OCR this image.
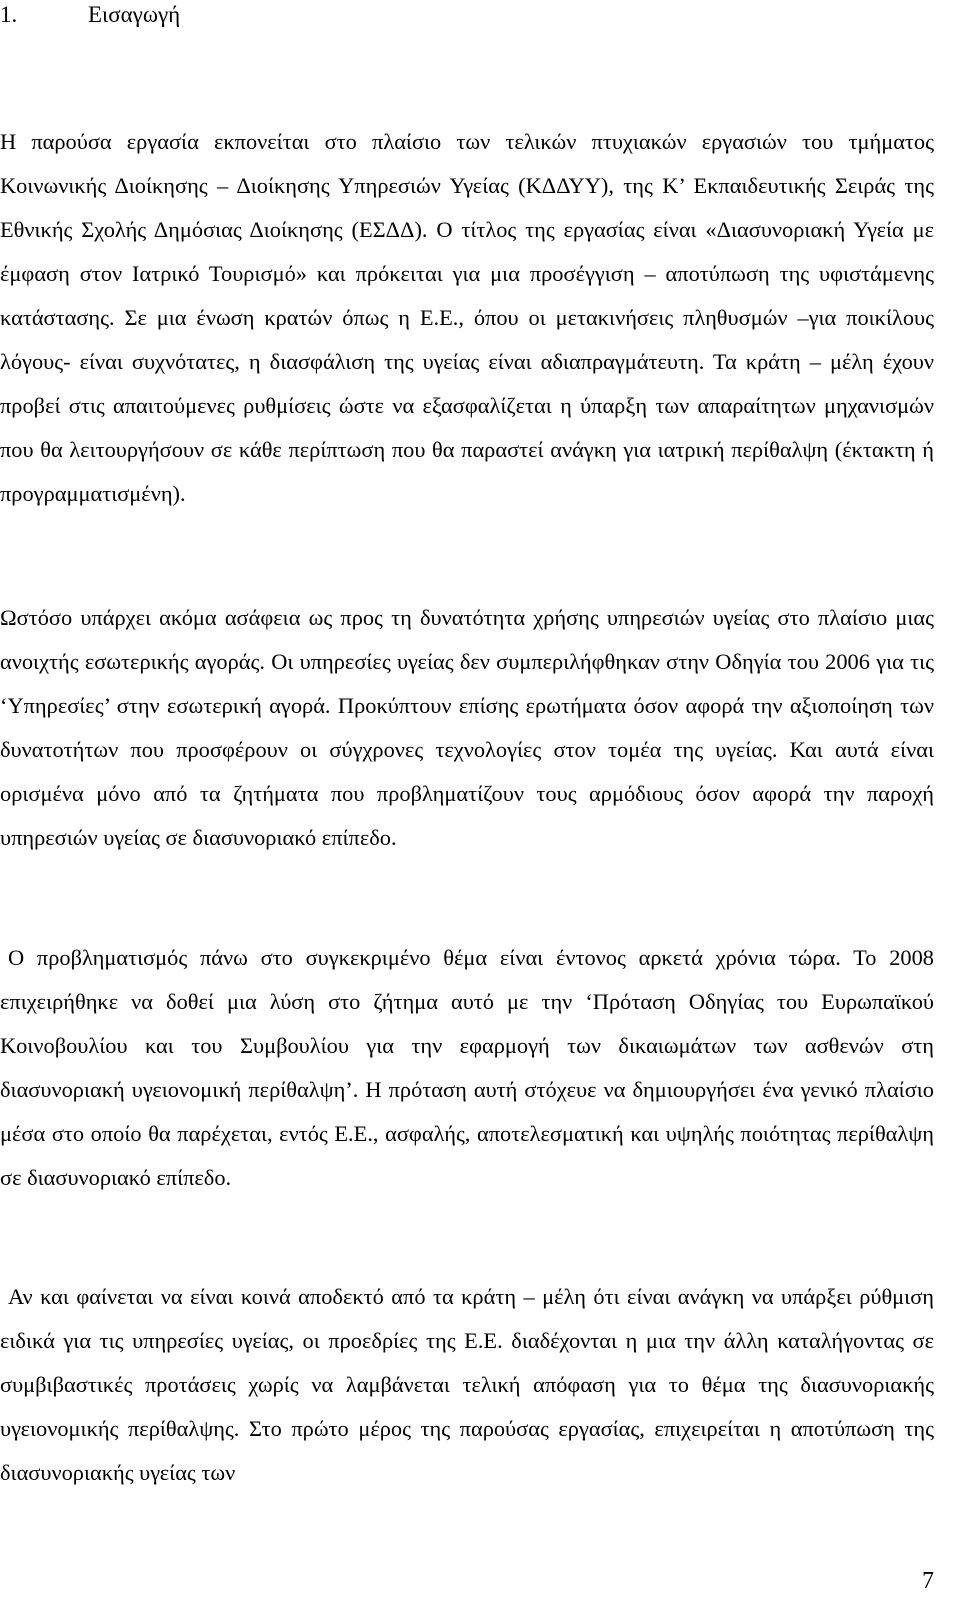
1.	Εισαγωγή

Η παρούσα εργασία εκπονείται στο πλαίσιο των τελικών πτυχιακών εργασιών του τμήματος Κοινωνικής Διοίκησης – Διοίκησης Υπηρεσιών Υγείας (ΚΔΔΥΥ), της Κ’ Εκπαιδευτικής Σειράς της Εθνικής Σχολής Δημόσιας Διοίκησης (ΕΣΔΔ). Ο τίτλος της εργασίας είναι «Διασυνοριακή Υγεία με έμφαση στον Ιατρικό Τουρισμό» και πρόκειται για μια προσέγγιση – αποτύπωση της υφιστάμενης κατάστασης. Σε μια ένωση κρατών όπως η Ε.Ε., όπου οι μετακινήσεις πληθυσμών –για ποικίλους λόγους- είναι συχνότατες, η διασφάλιση της υγείας είναι αδιαπραγμάτευτη. Τα κράτη – μέλη έχουν προβεί στις απαιτούμενες ρυθμίσεις ώστε να εξασφαλίζεται η ύπαρξη των απαραίτητων μηχανισμών που θα λειτουργήσουν σε κάθε περίπτωση που θα παραστεί ανάγκη για ιατρική περίθαλψη (έκτακτη ή προγραμματισμένη).

Ωστόσο υπάρχει ακόμα ασάφεια ως προς τη δυνατότητα χρήσης υπηρεσιών υγείας στο πλαίσιο μιας ανοιχτής εσωτερικής αγοράς. Οι υπηρεσίες υγείας δεν συμπεριλήφθηκαν στην Οδηγία του 2006 για τις ‘Υπηρεσίες’ στην εσωτερική αγορά. Προκύπτουν επίσης ερωτήματα όσον αφορά την αξιοποίηση των δυνατοτήτων που προσφέρουν οι σύγχρονες τεχνολογίες στον τομέα της υγείας. Και αυτά είναι ορισμένα μόνο από τα ζητήματα που προβληματίζουν τους αρμόδιους όσον αφορά την παροχή υπηρεσιών υγείας σε διασυνοριακό επίπεδο.

Ο προβληματισμός πάνω στο συγκεκριμένο θέμα είναι έντονος αρκετά χρόνια τώρα. Το 2008 επιχειρήθηκε να δοθεί μια λύση στο ζήτημα αυτό με την ‘Πρόταση Οδηγίας του Ευρωπαϊκού Κοινοβουλίου και του Συμβουλίου για την εφαρμογή των δικαιωμάτων των ασθενών στη διασυνοριακή υγειονομική περίθαλψη’. Η πρόταση αυτή στόχευε να δημιουργήσει ένα γενικό πλαίσιο μέσα στο οποίο θα παρέχεται, εντός Ε.Ε., ασφαλής, αποτελεσματική και υψηλής ποιότητας περίθαλψη σε διασυνοριακό επίπεδο.

Αν και φαίνεται να είναι κοινά αποδεκτό από τα κράτη – μέλη ότι είναι ανάγκη να υπάρξει ρύθμιση ειδικά για τις υπηρεσίες υγείας, οι προεδρίες της Ε.Ε. διαδέχονται η μια την άλλη καταλήγοντας σε συμβιβαστικές προτάσεις χωρίς να λαμβάνεται τελική απόφαση για το θέμα της διασυνοριακής υγειονομικής περίθαλψης. Στο πρώτο μέρος της παρούσας εργασίας, επιχειρείται η αποτύπωση της διασυνοριακής υγείας των

7
